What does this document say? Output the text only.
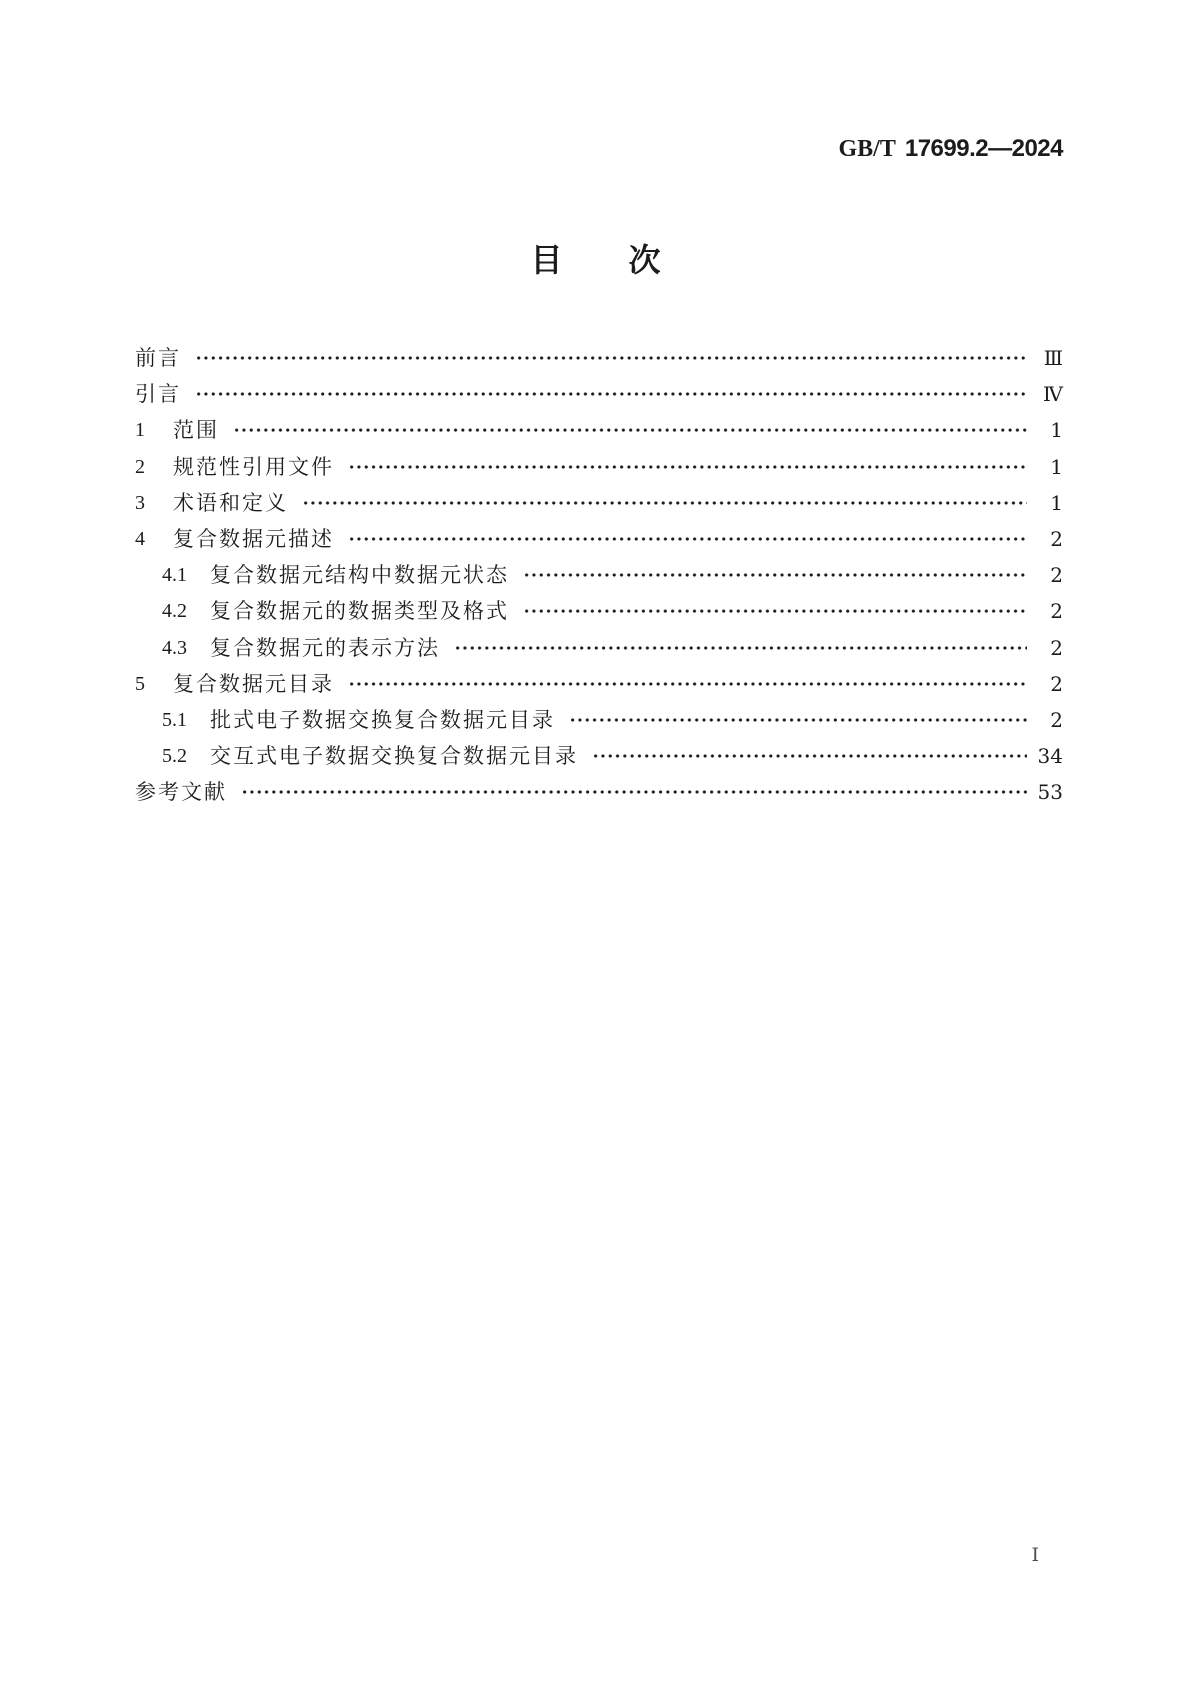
GB/T 17699.2—2024
目 次
前言	Ⅲ
引言	Ⅳ
1	范围	1
2	规范性引用文件	1
3	术语和定义	1
4	复合数据元描述	2
4.1	复合数据元结构中数据元状态	2
4.2	复合数据元的数据类型及格式	2
4.3	复合数据元的表示方法	2
5	复合数据元目录	2
5.1	批式电子数据交换复合数据元目录	2
5.2	交互式电子数据交换复合数据元目录	34
参考文献	53
Ⅰ
